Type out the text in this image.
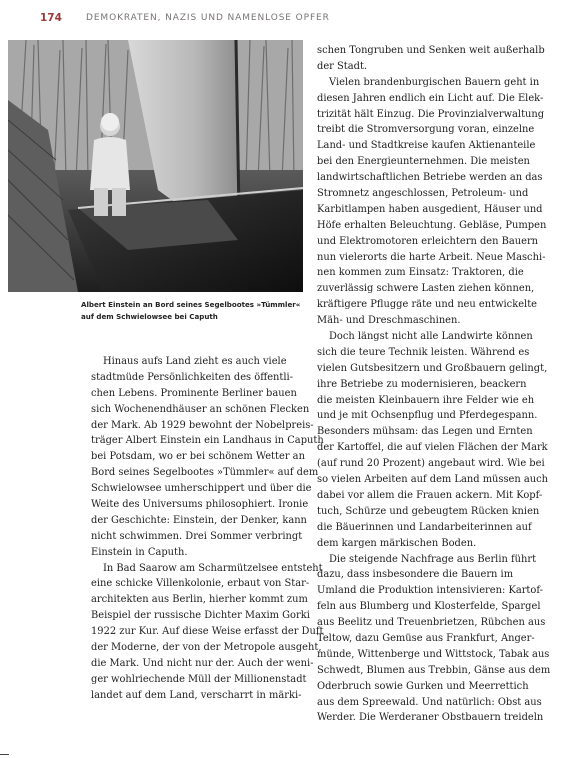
174	DEMOKRATEN, NAZIS UND NAMENLOSE OPFER
Albert Einstein an Bord seines Segelbootes »Tümmler«
auf dem Schwielowsee bei Caputh
Hinaus aufs Land zieht es auch viele
stadtmüde Persönlichkeiten des öffentli-
chen Lebens. Prominente Berliner bauen
sich Wochenendhäuser an schönen Flecken
der Mark. Ab 1929 bewohnt der Nobelpreis-
träger Albert Einstein ein Landhaus in Caputh
bei Potsdam, wo er bei schönem Wetter an
Bord seines Segelbootes »Tümmler« auf dem
Schwielowsee umherschippert und über die
Weite des Universums philosophiert. Ironie
der Geschichte: Einstein, der Denker, kann
nicht schwimmen. Drei Sommer verbringt
Einstein in Caputh.
In Bad Saarow am Scharmützelsee entsteht
eine schicke Villenkolonie, erbaut von Star-
architekten aus Berlin, hierher kommt zum
Beispiel der russische Dichter Maxim Gorki
1922 zur Kur. Auf diese Weise erfasst der Duft
der Moderne, der von der Metropole ausgeht,
die Mark. Und nicht nur der. Auch der weni-
ger wohlriechende Müll der Millionenstadt
landet auf dem Land, verscharrt in märki-
schen Tongruben und Senken weit außerhalb
der Stadt.
Vielen brandenburgischen Bauern geht in
diesen Jahren endlich ein Licht auf. Die Elek-
trizität hält Einzug. Die Provinzialverwaltung
treibt die Stromversorgung voran, einzelne
Land- und Stadtkreise kaufen Aktienanteile
bei den Energieunternehmen. Die meisten
landwirtschaftlichen Betriebe werden an das
Stromnetz angeschlossen, Petroleum- und
Karbitlampen haben ausgedient, Häuser und
Höfe erhalten Beleuchtung. Gebläse, Pumpen
und Elektromotoren erleichtern den Bauern
nun vielerorts die harte Arbeit. Neue Maschi-
nen kommen zum Einsatz: Traktoren, die
zuverlässig schwere Lasten ziehen können,
kräftigere Pflugge räte und neu entwickelte
Mäh- und Dreschmaschinen.
Doch längst nicht alle Landwirte können
sich die teure Technik leisten. Während es
vielen Gutsbesitzern und Großbauern gelingt,
ihre Betriebe zu modernisieren, beackern
die meisten Kleinbauern ihre Felder wie eh
und je mit Ochsenpflug und Pferdegespann.
Besonders mühsam: das Legen und Ernten
der Kartoffel, die auf vielen Flächen der Mark
(auf rund 20 Prozent) angebaut wird. Wie bei
so vielen Arbeiten auf dem Land müssen auch
dabei vor allem die Frauen ackern. Mit Kopf-
tuch, Schürze und gebeugtem Rücken knien
die Bäuerinnen und Landarbeiterinnen auf
dem kargen märkischen Boden.
Die steigende Nachfrage aus Berlin führt
dazu, dass insbesondere die Bauern im
Umland die Produktion intensivieren: Kartof-
feln aus Blumberg und Klosterfelde, Spargel
aus Beelitz und Treuenbrietzen, Rübchen aus
Teltow, dazu Gemüse aus Frankfurt, Anger-
münde, Wittenberge und Wittstock, Tabak aus
Schwedt, Blumen aus Trebbin, Gänse aus dem
Oderbruch sowie Gurken und Meerrettich
aus dem Spreewald. Und natürlich: Obst aus
Werder. Die Werderaner Obstbauern treideln
